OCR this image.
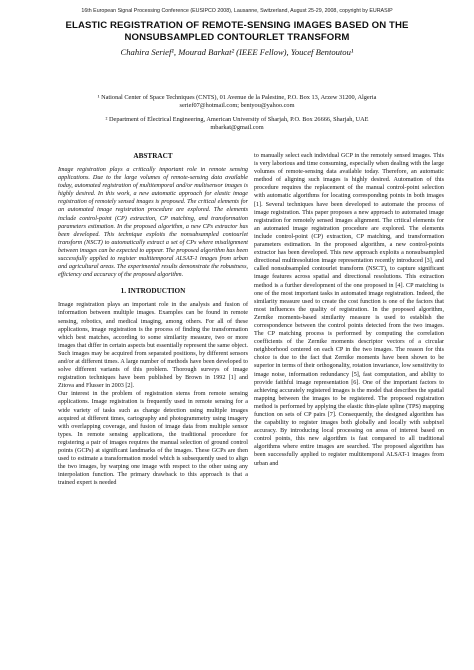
16th European Signal Processing Conference (EUSIPCO 2008), Lausanne, Switzerland, August 25-29, 2008, copyright by EURASIP
ELASTIC REGISTRATION OF REMOTE-SENSING IMAGES BASED ON THE
NONSUBSAMPLED CONTOURLET TRANSFORM
Chahira Serief¹, Mourad Barkat² (IEEE Fellow), Youcef Bentoutou¹
¹ National Center of Space Techniques (CNTS), 01 Avenue de la Palestine, P.O. Box 13, Arzew 31200, Algeria
serief07@hotmail.com; bentyou@yahoo.com
² Department of Electrical Engineering, American University of Sharjah, P.O. Box 26666, Sharjah, UAE
mbarkat@gmail.com
ABSTRACT

Image registration plays a critically important role in remote sensing applications. Due to the large volumes of remote-sensing data available today, automated registration of multitemporal and/or multisensor images is highly desired. In this work, a new automatic approach for elastic image registration of remotely sensed images is proposed. The critical elements for an automated image registration procedure are explored. The elements include control-point (CP) extraction, CP matching, and transformation parameters estimation. In the proposed algorithm, a new CPs extractor has been developed. This technique exploits the nonsubsampled contourlet transform (NSCT) to automatically extract a set of CPs where misalignment between images can be expected to appear. The proposed algorithm has been successfully applied to register multitemporal ALSAT-1 images from urban and agricultural areas. The experimental results demonstrate the robustness, efficiency and accuracy of the proposed algorithm.

1. INTRODUCTION

Image registration plays an important role in the analysis and fusion of information between multiple images. Examples can be found in remote sensing, robotics, and medical imaging, among others. For all of these applications, image registration is the process of finding the transformation which best matches, according to some similarity measure, two or more images that differ in certain aspects but essentially represent the same object. Such images may be acquired from separated positions, by different sensors and/or at different times. A large number of methods have been developed to solve different variants of this problem. Thorough surveys of image registration techniques have been published by Brown in 1992 [1] and Zitova and Flusser in 2003 [2].

Our interest in the problem of registration stems from remote sensing applications. Image registration is frequently used in remote sensing for a wide variety of tasks such as change detection using multiple images acquired at different times, cartography and photogrammetry using imagery with overlapping coverage, and fusion of image data from multiple sensor types. In remote sensing applications, the traditional procedure for registering a pair of images requires the manual selection of ground control points (GCPs) at significant landmarks of the images. These GCPs are then used to estimate a transformation model which is subsequently used to align the two images, by warping one image with respect to the other using any interpolation function. The primary drawback to this approach is that a trained expert is needed

to manually select each individual GCP in the remotely sensed images. This is very laborious and time consuming, especially when dealing with the large volumes of remote-sensing data available today. Therefore, an automatic method of aligning such images is highly desired. Automation of this procedure requires the replacement of the manual control-point selection with automatic algorithms for locating corresponding points in both images [1]. Several techniques have been developed to automate the process of image registration. This paper proposes a new approach to automated image registration for remotely sensed images alignment. The critical elements for an automated image registration procedure are explored. The elements include control-point (CP) extraction, CP matching, and transformation parameters estimation. In the proposed algorithm, a new control-points extractor has been developed. This new approach exploits a nonsubsampled directional multiresolution image representation recently introduced [3], and called nonsubsampled contourlet transform (NSCT), to capture significant image features across spatial and directional resolutions. This extraction method is a further development of the one proposed in [4]. CP matching is one of the most important tasks in automated image registration. Indeed, the similarity measure used to create the cost function is one of the factors that most influences the quality of registration. In the proposed algorithm, Zernike moments-based similarity measure is used to establish the correspondence between the control points detected from the two images. The CP matching process is performed by computing the correlation coefficients of the Zernike moments descriptor vectors of a circular neighborhood centered on each CP in the two images. The reason for this choice is due to the fact that Zernike moments have been shown to be superior in terms of their orthogonality, rotation invariance, low sensitivity to image noise, information redundancy [5], fast computation, and ability to provide faithful image representation [6]. One of the important factors to achieving accurately registered images is the model that describes the spatial mapping between the images to be registered. The proposed registration method is performed by applying the elastic thin-plate spline (TPS) mapping function on sets of CP pairs [7]. Consequently, the designed algorithm has the capability to register images both globally and locally with subpixel accuracy. By introducing local processing on areas of interest based on control points, this new algorithm is fast compared to all traditional algorithms where entire images are searched. The proposed algorithm has been successfully applied to register multitemporal ALSAT-1 images from urban and
